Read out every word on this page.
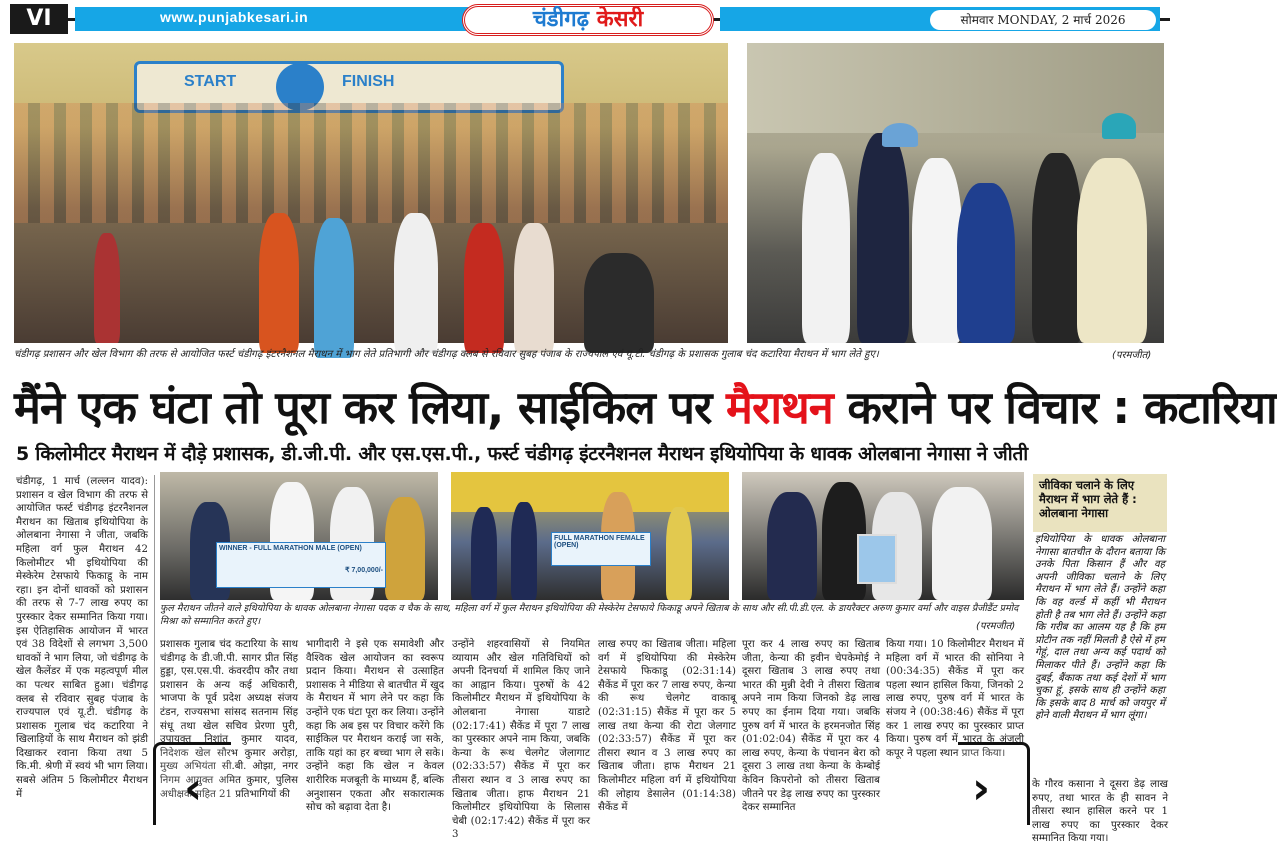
VI	www.punjabkesari.in	चंडीगढ़ केसरी	सोमवार MONDAY, 2 मार्च 2026
START	FINISH
चंडीगढ़ प्रशासन और खेल विभाग की तरफ से आयोजित फर्स्ट चंडीगढ़ इंटरनैशनल मैराथन में भाग लेते प्रतिभागी और चंडीगढ़ क्लब से रविवार सुबह पंजाब के राज्यपाल एवं यू.टी. चंडीगढ़ के प्रशासक गुलाब चंद कटारिया मैराथन में भाग लेते हुए।	(परमजीत)
मैंने एक घंटा तो पूरा कर लिया, साईकिल पर मैराथन कराने पर विचार : कटारिया
5 किलोमीटर मैराथन में दौड़े प्रशासक, डी.जी.पी. और एस.एस.पी., फर्स्ट चंडीगढ़ इंटरनैशनल मैराथन इथियोपिया के धावक ओलबाना नेगासा ने जीती
चंडीगढ़, 1 मार्च (लल्लन यादव): प्रशासन व खेल विभाग की तरफ से आयोजित फर्स्ट चंडीगढ़ इंटरनैशनल मैराथन का खिताब इथियोपिया के ओलबाना नेगासा ने जीता, जबकि महिला वर्ग फुल मैराथन 42 किलोमीटर भी इथियोपिया की मेस्केरेम टेसफाये फिकाडू के नाम रहा। इन दोनों धावकों को प्रशासन की तरफ से 7-7 लाख रुपए का पुरस्कार देकर सम्मानित किया गया। इस ऐतिहासिक आयोजन में भारत एवं 38 विदेशों से लगभग 3,500 धावकों ने भाग लिया, जो चंडीगढ़ के खेल कैलेंडर में एक महत्वपूर्ण मील का पत्थर साबित हुआ। चंडीगढ़ क्लब से रविवार सुबह पंजाब के राज्यपाल एवं यू.टी. चंडीगढ़ के प्रशासक गुलाब चंद कटारिया ने खिलाड़ियों के साथ मैराथन को झंडी दिखाकर रवाना किया तथा 5 कि.मी. श्रेणी में स्वयं भी भाग लिया। सबसे अंतिम 5 किलोमीटर मैराथन में
WINNER - FULL MARATHON MALE (OPEN)
₹ 7,00,000/-
FULL MARATHON FEMALE (OPEN)
फुल मैराथन जीतने वाले इथियोपिया के धावक ओलबाना नेगासा पदक व चैक के साथ, महिला वर्ग में फुल मैराथन इथियोपिया की मेस्केरेम टेसफाये फिकाडू अपने खिताब के साथ और सी.पी.डी.एल. के डायरैक्टर अरुण कुमार वर्मा और वाइस प्रैजीडैंट प्रमोद मिश्रा को सम्मानित करते हुए।	(परमजीत)
प्रशासक गुलाब चंद कटारिया के साथ चंडीगढ़ के डी.जी.पी. सागर प्रीत सिंह हुड्डा, एस.एस.पी. कंवरदीप कौर तथा प्रशासन के अन्य कई अधिकारी, भाजपा के पूर्व प्रदेश अध्यक्ष संजय टंडन, राज्यसभा सांसद सतनाम सिंह संधू तथा खेल सचिव प्रेरणा पुरी, उपायुक्त निशांत कुमार यादव, निदेशक खेल सौरभ कुमार अरोड़ा, मुख्य अभियंता सी.बी. ओझा, नगर निगम आयुक्त अमित कुमार, पुलिस अधीक्षक सहित 21 प्रतिभागियों की
भागीदारी ने इसे एक समावेशी और वैश्विक खेल आयोजन का स्वरूप प्रदान किया। मैराथन से उत्साहित प्रशासक ने मीडिया से बातचीत में खुद के मैराथन में भाग लेने पर कहा कि उन्होंने एक घंटा पूरा कर लिया। उन्होंने कहा कि अब इस पर विचार करेंगे कि साईकिल पर मैराथन कराई जा सके, ताकि यहां का हर बच्चा भाग ले सके। उन्होंने कहा कि खेल न केवल शारीरिक मजबूती के माध्यम हैं, बल्कि अनुशासन एकता और सकारात्मक सोच को बढ़ावा देता है।
उन्होंने शहरवासियों से नियमित व्यायाम और खेल गतिविधियों को अपनी दिनचर्या में शामिल किए जाने का आह्वान किया। पुरुषों के 42 किलोमीटर मैराथन में इथियोपिया के ओलबाना नेगासा याडाटे (02:17:41) सैकेंड में पूरा 7 लाख का पुरस्कार अपने नाम किया, जबकि केन्या के रूथ चेलगेट जेलागाट (02:33:57) सैकेंड में पूरा कर तीसरा स्थान व 3 लाख रुपए का खिताब जीता। हाफ मैराथन 21 किलोमीटर इथियोपिया के सिलास चेबी (02:17:42) सैकेंड में पूरा कर 3
लाख रुपए का खिताब जीता। महिला वर्ग में इथियोपिया की मेस्केरेम टेसफाये फिकाडू (02:31:14) सैकेंड में पूरा कर 7 लाख रुपए, केन्या की रूथ चेलगेट वाकाबू (02:31:15) सैकेंड में पूरा कर 5 लाख तथा केन्या की रोटा जेलगाट (02:33:57) सैकेंड में पूरा कर तीसरा स्थान व 3 लाख रुपए का खिताब जीता। हाफ मैराथन 21 किलोमीटर महिला वर्ग में इथियोपिया की लोहाय डेसालेन (01:14:38) सैकेंड में
पूरा कर 4 लाख रुपए का खिताब जीता, केन्या की इवीन चेपकेमोई ने दूसरा खिताब 3 लाख रुपए तथा भारत की मुन्नी देवी ने तीसरा खिताब अपने नाम किया जिनको डेढ़ लाख रुपए का ईनाम दिया गया। जबकि पुरुष वर्ग में भारत के हरमनजोत सिंह (01:02:04) सैकेंड में पूरा कर 4 लाख रुपए, केन्या के पंचानन बेरा को दूसरा 3 लाख तथा केन्या के केम्बोई केविन किपरोनो को तीसरा खिताब जीतने पर डेढ़ लाख रुपए का पुरस्कार देकर सम्मानित
किया गया। 10 किलोमीटर मैराथन में महिला वर्ग में भारत की सोनिया ने (00:34:35) सैकेंड में पूरा कर पहला स्थान हासिल किया, जिनको 2 लाख रुपए, पुरुष वर्ग में भारत के संजय ने (00:38:46) सैकेंड में पूरा कर 1 लाख रुपए का पुरस्कार प्राप्त किया। पुरुष वर्ग में भारत के अंजली कपूर ने पहला स्थान प्राप्त किया।
के गौरव कसाना ने दूसरा डेढ़ लाख रुपए, तथा भारत के ही सावन ने तीसरा स्थान हासिल करने पर 1 लाख रुपए का पुरस्कार देकर सम्मानित किया गया।
जीविका चलाने के लिए मैराथन में भाग लेते हैं : ओलबाना नेगासा
इथियोपिया के धावक ओलबाना नेगासा बातचीत के दौरान बताया कि उनके पिता किसान हैं और वह अपनी जीविका चलाने के लिए मैराथन में भाग लेते हैं। उन्होंने कहा कि वह वर्ल्ड में कहीं भी मैराथन होती है तब भाग लेते हैं। उन्होंने कहा कि गरीब का आलम यह है कि हम प्रोटीन तक नहीं मिलती है ऐसे में हम गेहूं, दाल तथा अन्य कई पदार्थ को मिलाकर पीते हैं। उन्होंने कहा कि दुबई, बैंकाक तथा कई देशों में भाग चुका हूं, इसके साथ ही उन्होंने कहा कि इसके बाद 8 मार्च को जयपुर में होने वाली मैराथन में भाग लूंगा।
‹	›
